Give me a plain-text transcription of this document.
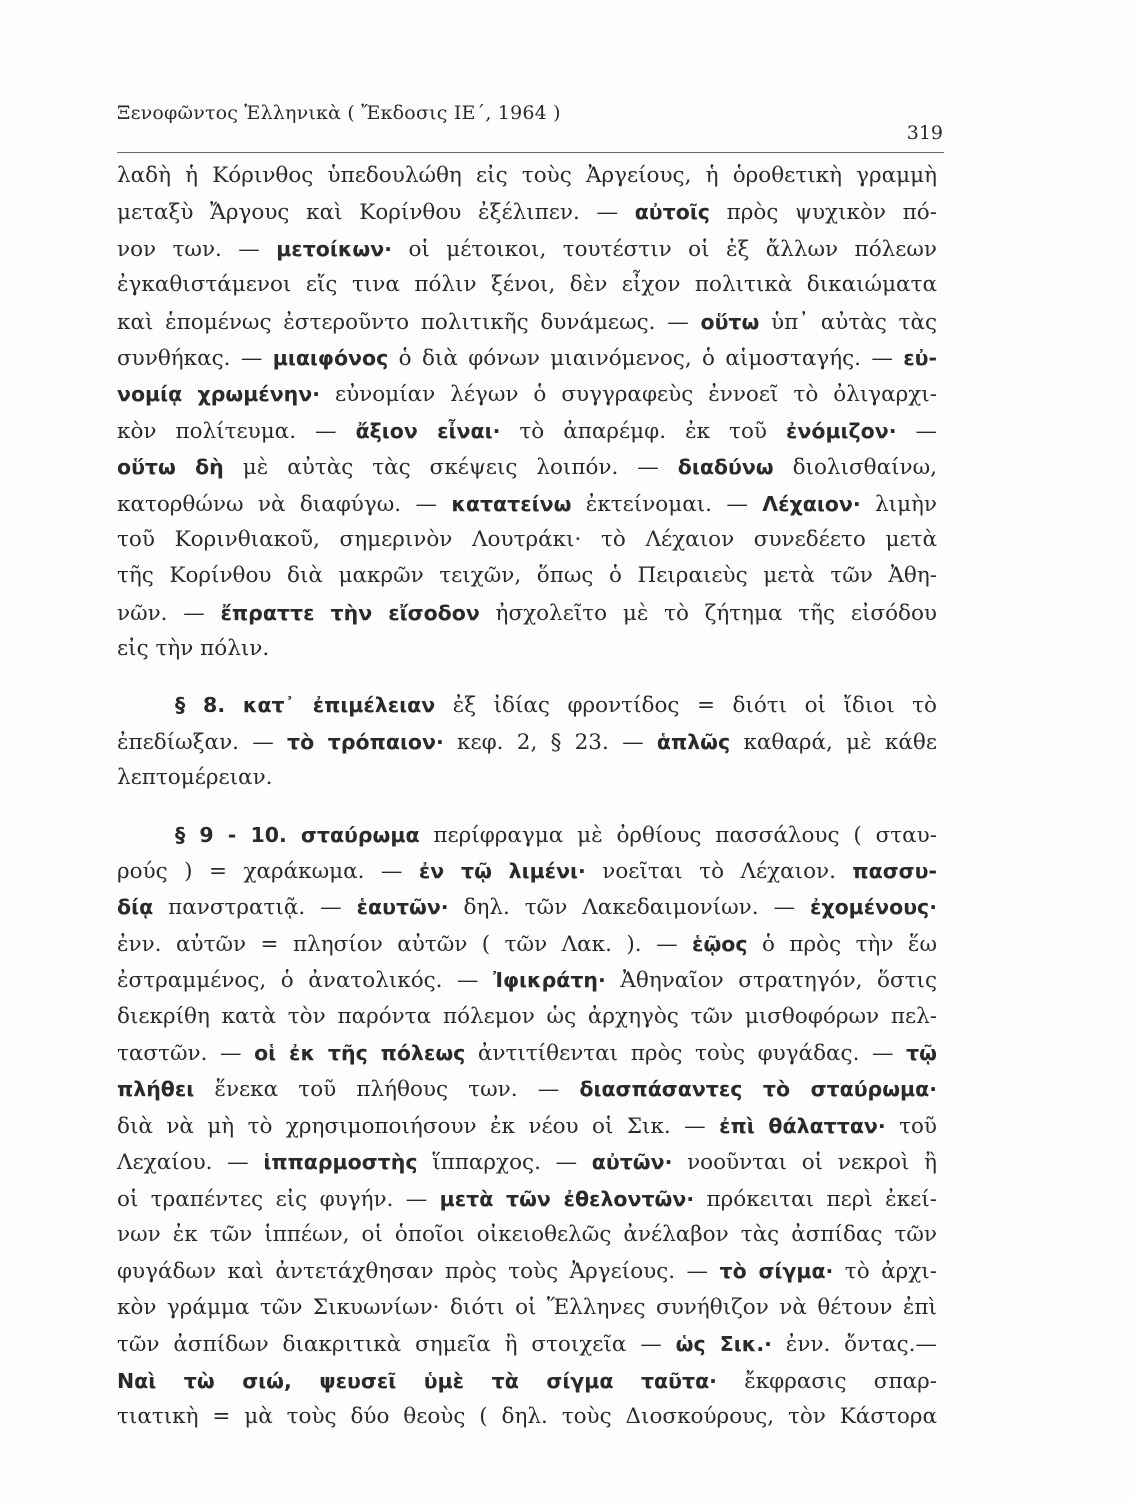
Ξενοφῶντος Ἑλληνικὰ ( Ἔκδοσις ΙΕ΄, 1964 )
319
λαδὴ ἡ Κόρινθος ὑπεδουλώθη εἰς τοὺς Ἀργείους, ἡ ὁροθετικὴ γραμμὴ
μεταξὺ Ἄργους καὶ Κορίνθου ἐξέλιπεν. — αὐτοῖς πρὸς ψυχικὸν πό-
νον των. — μετοίκων· οἱ μέτοικοι, τουτέστιν οἱ ἐξ ἄλλων πόλεων
ἐγκαθιστάμενοι εἴς τινα πόλιν ξένοι, δὲν εἶχον πολιτικὰ δικαιώματα
καὶ ἑπομένως ἐστεροῦντο πολιτικῆς δυνάμεως. — οὕτω ὑπ᾽ αὐτὰς τὰς
συνθήκας. — μιαιφόνος ὁ διὰ φόνων μιαινόμενος, ὁ αἱμοσταγής. — εὐ-
νομίᾳ χρωμένην· εὐνομίαν λέγων ὁ συγγραφεὺς ἐννοεῖ τὸ ὀλιγαρχι-
κὸν πολίτευμα. — ἄξιον εἶναι· τὸ ἀπαρέμφ. ἐκ τοῦ ἐνόμιζον· —
οὕτω δὴ μὲ αὐτὰς τὰς σκέψεις λοιπόν. — διαδύνω διολισθαίνω,
κατορθώνω νὰ διαφύγω. — κατατείνω ἐκτείνομαι. — Λέχαιον· λιμὴν
τοῦ Κορινθιακοῦ, σημερινὸν Λουτράκι· τὸ Λέχαιον συνεδέετο μετὰ
τῆς Κορίνθου διὰ μακρῶν τειχῶν, ὅπως ὁ Πειραιεὺς μετὰ τῶν Ἀθη-
νῶν. — ἔπραττε τὴν εἴσοδον ἠσχολεῖτο μὲ τὸ ζήτημα τῆς εἰσόδου
εἰς τὴν πόλιν.
§ 8. κατ᾽ ἐπιμέλειαν ἐξ ἰδίας φροντίδος = διότι οἱ ἴδιοι τὸ
ἐπεδίωξαν. — τὸ τρόπαιον· κεφ. 2, § 23. — ἁπλῶς καθαρά, μὲ κάθε
λεπτομέρειαν.
§ 9 - 10. σταύρωμα περίφραγμα μὲ ὀρθίους πασσάλους ( σταυ-
ρούς ) = χαράκωμα. — ἐν τῷ λιμένι· νοεῖται τὸ Λέχαιον. πασσυ-
δίᾳ πανστρατιᾷ. — ἑαυτῶν· δηλ. τῶν Λακεδαιμονίων. — ἐχομένους·
ἐνν. αὐτῶν = πλησίον αὐτῶν ( τῶν Λακ. ). — ἑῷος ὁ πρὸς τὴν ἕω
ἐστραμμένος, ὁ ἀνατολικός. — Ἰφικράτη· Ἀθηναῖον στρατηγόν, ὅστις
διεκρίθη κατὰ τὸν παρόντα πόλεμον ὡς ἀρχηγὸς τῶν μισθοφόρων πελ-
ταστῶν. — οἱ ἐκ τῆς πόλεως ἀντιτίθενται πρὸς τοὺς φυγάδας. — τῷ
πλήθει ἕνεκα τοῦ πλήθους των. — διασπάσαντες τὸ σταύρωμα·
διὰ νὰ μὴ τὸ χρησιμοποιήσουν ἐκ νέου οἱ Σικ. — ἐπὶ θάλατταν· τοῦ
Λεχαίου. — ἱππαρμοστὴς ἵππαρχος. — αὐτῶν· νοοῦνται οἱ νεκροὶ ἢ
οἱ τραπέντες εἰς φυγήν. — μετὰ τῶν ἐθελοντῶν· πρόκειται περὶ ἐκεί-
νων ἐκ τῶν ἱππέων, οἱ ὁποῖοι οἰκειοθελῶς ἀνέλαβον τὰς ἀσπίδας τῶν
φυγάδων καὶ ἀντετάχθησαν πρὸς τοὺς Ἀργείους. — τὸ σίγμα· τὸ ἀρχι-
κὸν γράμμα τῶν Σικυωνίων· διότι οἱ Ἕλληνες συνήθιζον νὰ θέτουν ἐπὶ
τῶν ἀσπίδων διακριτικὰ σημεῖα ἢ στοιχεῖα — ὡς Σικ.· ἐνν. ὄντας.—
Ναὶ τὼ σιώ, ψευσεῖ ὑμὲ τὰ σίγμα ταῦτα· ἔκφρασις σπαρ-
τιατικὴ = μὰ τοὺς δύο θεοὺς ( δηλ. τοὺς Διοσκούρους, τὸν Κάστορα
